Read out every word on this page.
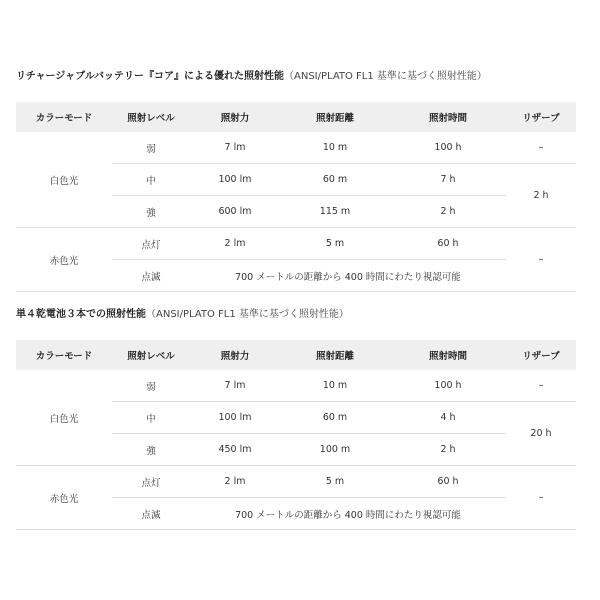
リチャージャブルバッテリー『コア』による優れた照射性能（ANSI/PLATO FL1 基準に基づく照射性能）
カラーモード	照射レベル	照射力	照射距離	照射時間	リザーブ
白色光	弱	7 lm	10 m	100 h	–
	中	100 lm	60 m	7 h	2 h
	強	600 lm	115 m	2 h	
赤色光	点灯	2 lm	5 m	60 h	–
	点滅	700 メートルの距離から 400 時間にわたり視認可能			
単４乾電池３本での照射性能（ANSI/PLATO FL1 基準に基づく照射性能）
カラーモード	照射レベル	照射力	照射距離	照射時間	リザーブ
白色光	弱	7 lm	10 m	100 h	–
	中	100 lm	60 m	4 h	20 h
	強	450 lm	100 m	2 h	
赤色光	点灯	2 lm	5 m	60 h	–
	点滅	700 メートルの距離から 400 時間にわたり視認可能			
